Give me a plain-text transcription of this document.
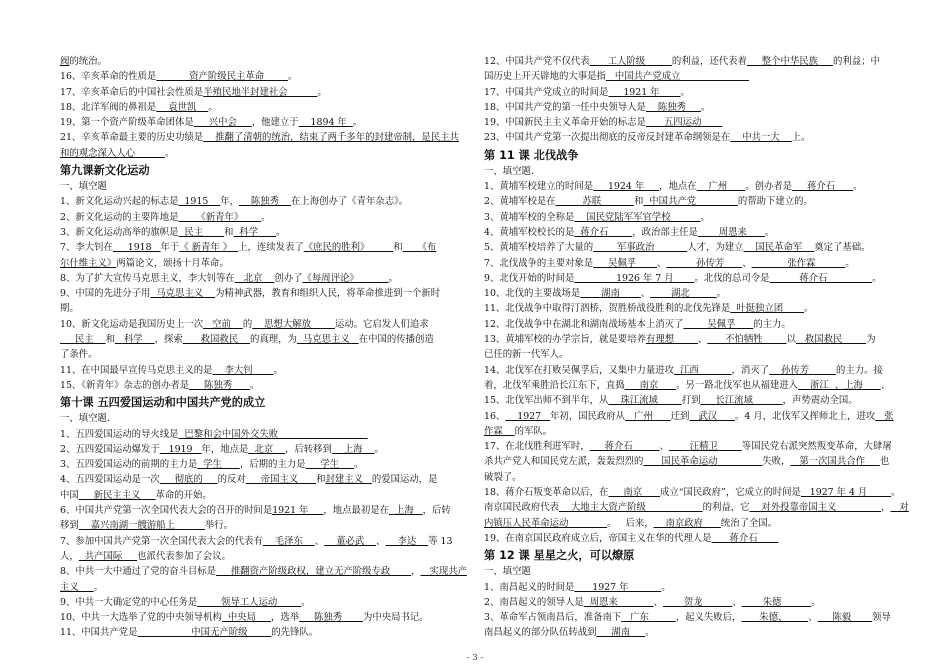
阀的统治。
16、辛亥革命的性质是           资产阶级民主革命        。
17、辛亥革命后的中国社会性质是半殖民地半封建社会          。
18、北洋军阀的鼻祖是    袁世凯    。
19、第一个资产阶级革命团体是     兴中会     ，他建立于    1894 年  。
21、辛亥革命最主要的历史功绩是    推翻了清朝的统治，结束了两千多年的封建帝制，是民主共
和的观念深入人心          。
第九课新文化运动
一、填空题
1、新文化运动兴起的标志是  1915    年，    陈独秀    在上海创办了《青年杂志》。
2、新文化运动的主要阵地是      《新青年》      。
3、新文化运动高举的旗帜是  民主       和  科学      。
7、李大钊在     1918   年于《 新青年 》  上，连续发表了《庶民的胜利》        和     《布
尔什维主义》两篇论文，颂扬十月革命。
8、为了扩大宣传马克思主义，李大钊等在   北京    创办了《每周评论》          。
9、中国的先进分子用  马克思主义    为精神武器，教育和组织人民，将革命推进到一个新时
期。
10、新文化运动是我国历史上一次   空前    的    思想大解放        运动。它启发人们追求
民主    和   科学    ，探索      救国救民    的真理，为  马克思主义   在中国的传播创造
了条件。
11、在中国最早宣传马克思主义的是    李大钊       。
15、《新青年》杂志的创办者是     陈独秀      。
第十课 五四爱国运动和中国共产党的成立
一、填空题.
1、五四爱国运动的导火线是  巴黎和会中国外交失败
2、五四爱国运动爆发于   1919   年，地点是  北京    ，后转移到    上海    。
3、五四爱国运动的前期的主力是  学生      ，后期的主力是     学生     。
4、五四爱国运动是一次     彻底的     的反对     帝国主义      和封建主义   的爱国运动，是
中国     新民主主义     革命的开始。
6、中国共产党第一次全国代表大会的召开的时间是1921 年     ，地点最初是在  上海   ，后转
移到    嘉兴南湖一艘游船上          举行。
7、参加中国共产党第一次全国代表大会的代表有    毛泽东    、    董必武    、    李达    等 13
人，  共产国际     也派代表参加了会议。
8、中共一大中通过了党的奋斗目标是     推翻资产阶级政权，建立无产阶级专政       ，   实现共产
主义     。
9、中共一大确定党的中心任务是        领导工人运动        。
10、中共一大选举了党的中央领导机构  中央局     ，选举     陈独秀       为中央局书记。
11、中国共产党是                  中国无产阶级        的先锋队。
12、中国共产党不仅代表      工人阶级         的利益，还代表着     整个中华民族     的利益；中
国历史上开天辟地的大事是指   中国共产党成立
17、中国共产党成立的时间是     1921 年       。
18、中国共产党的第一任中央领导人是    陈独秀     。
19、中国新民主主义革命开始的标志是      五四运动
23、中国共产党第一次提出彻底的反帝反封建革命纲领是在    中共一大    上。
第 11 课 北伐战争
一、填空题.
1、黄埔军校建立的时间是     1924 年     ，地点在    广州      。创办者是     蒋介石      。
2、黄埔军校是在         苏联           和  中国共产党              的帮助下建立的。
3、黄埔军校的全称是    国民党陆军军官学校          。
4、黄埔军校校长的是  蒋介石        ，政治部主任是       周恩来      。
5、黄埔军校培养了大量的        军事政治           人才，为建立    国民革命军    奠定了基础。
7、北伐战争的主要对象是     吴佩孚       、          孙传芳      、            张作霖          。
9、北伐开始的时间是              1926 年 7 月       。北伐的总司令是          蒋介石               。
10、北伐的主要战场是       湖南       、       湖北         。
11、北伐战争中取得汀泗桥，贺胜桥战役胜利的北伐先锋是  叶挺独立团       。
12、北伐战争中在湖北和湖南战场基本上消灭了        吴佩孚      的主力。
13、黄埔军校的办学宗旨，就是要培养有理想        、      不怕牺牲        以   救国救民        为
已任的新一代军人。
14、北伐军在打败吴佩孚后，又集中力量进攻  江西           ，消灭了    孙传芳         的主力。接
着，北伐军乘胜沿长江东下，直捣     南京      。另一路北伐军也从福建进入    浙江  、上海      、
15、北伐军出师不到半年，从    珠江流域        打到     长江流域          ，声势震动全国。
16、    1927   年初，国民政府从   广州      迁到   武汉      。4 月，北伐军又挥师北上，进攻   张
作霖    的军队。
17、在北伐胜利进军时，     蒋介石         、       汪精卫        等国民党右派突然叛变革命，大肆屠
杀共产党人和国民党左派，轰轰烈烈的      国民革命运动               失败，   第一次国共合作     也
破裂了。
18、蒋介石叛变革命以后，在     南京      成立“国民政府”，它成立的时间是   1927 年 4 月        。
南京国民政府代表    大地主大资产阶级                   的利益，它    对外投靠帝国主义               ，   对
内镇压人民革命运动             。   后来，    南京政府      统治了全国。
19、在南京国民政府成立后，帝国主义在华的代理人是      蒋介石
第 12 课 星星之火，可以燎原
一、填空题
1、南昌起义的时间是      1927 年           。
2、南昌起义的领导人是  周恩来            、       贺龙          、       朱德          。
3、革命军占领南昌后，准备南下   广东         ，起义失败后，      朱德、       、     陈毅       领导
南昌起义的部分队伍转战到     湖南     。
- 3 -
